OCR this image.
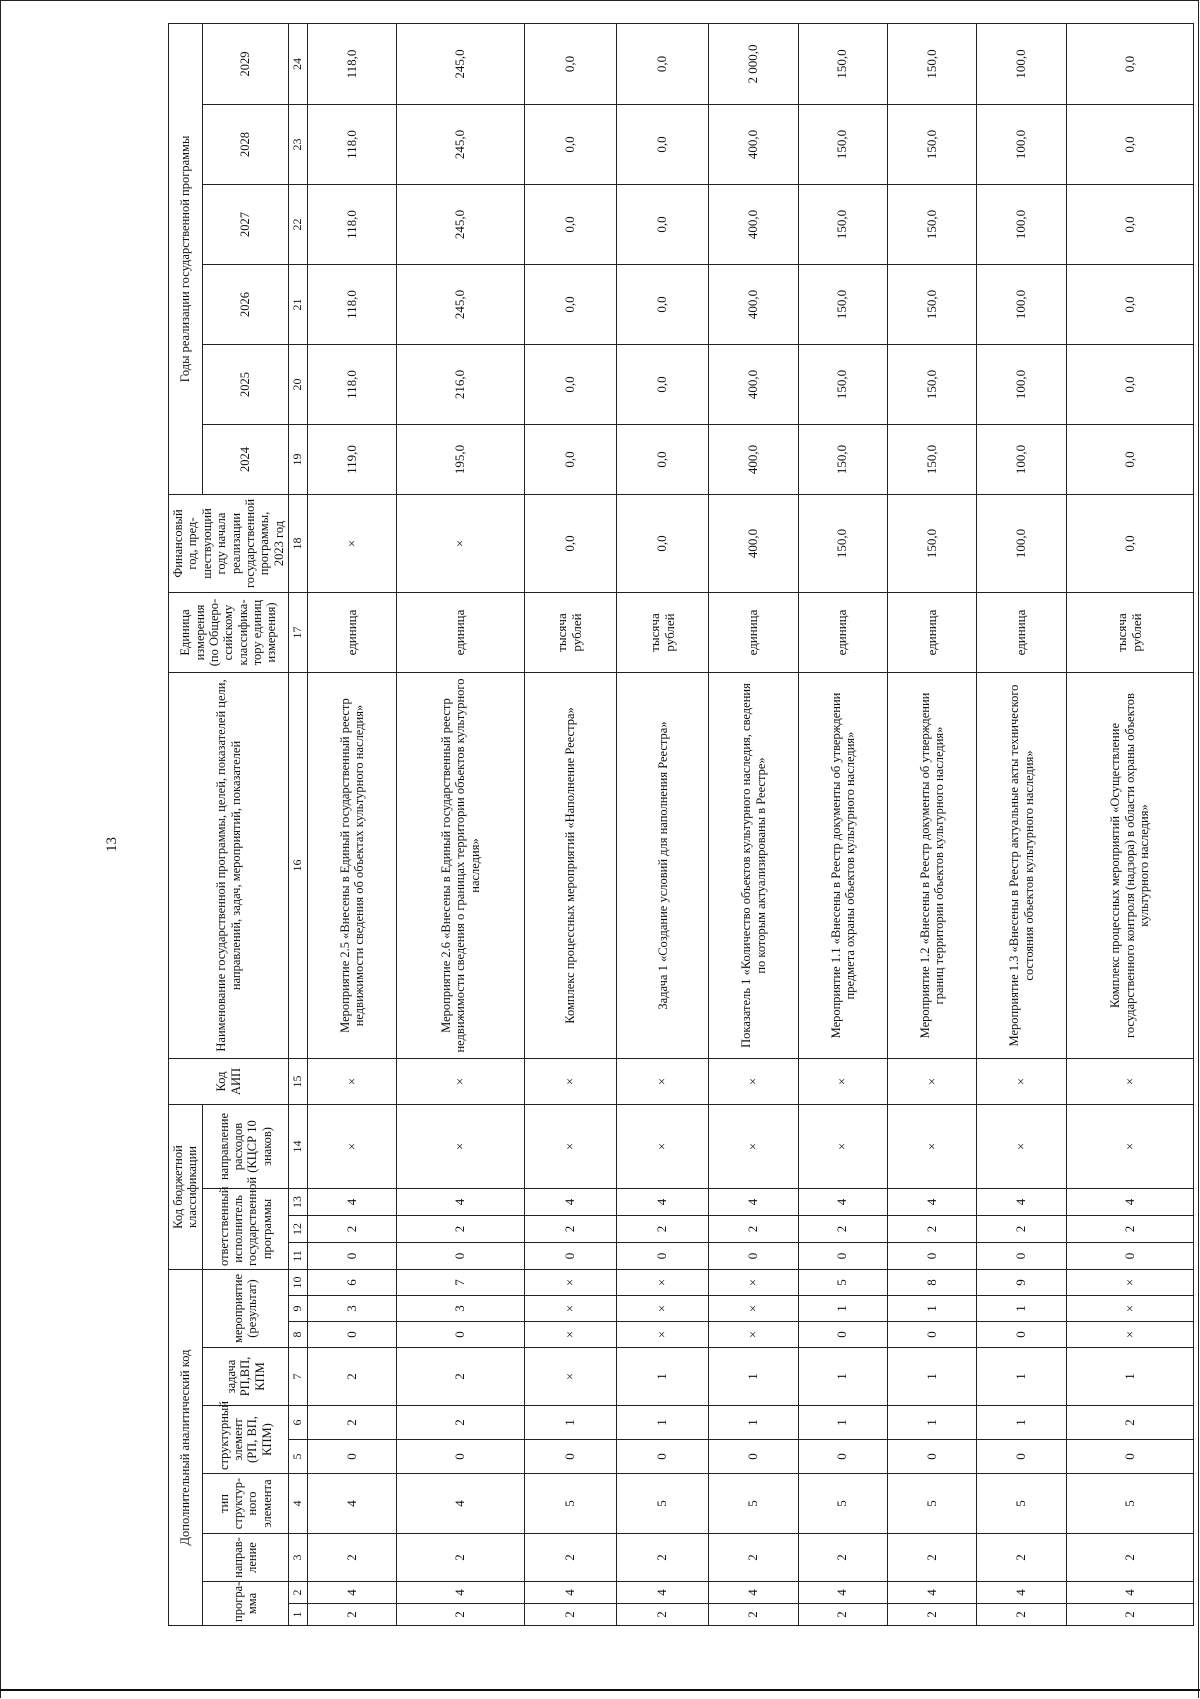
13
Дополнительный аналитический код										Код бюджетной классификации				Код АИП	Наименование государственной программы, целей, показателей цели, направлений, задач, мероприятий, показателей	Единица измерения (по Общеро-ссийскому классифика-тору единиц измерения)	Финансовый год, пред-шествующий году начала реализации государственной программы, 2023 год	Годы реализации государственной программы					
програ-мма		направ-ление	тип структур-ного элемента	структурный элемент (РП, ВП, КПМ)		задача РП,ВП, КПМ	мероприятие (результат)			ответственный исполнитель государственной программы			направление расходов (КЦСР 10 знаков)					2024	2025	2026	2027	2028	2029

1	2	3	4	5	6	7	8	9	10	11	12	13	14	15	16	17	18	19	20	21	22	23	24
2	4	2	4	0	2	2	0	3	6	0	2	4	×	×	Мероприятие 2.5 «Внесены в Единый государственный реестр недвижимости сведения об объектах культурного наследия»	единица	×	119,0	118,0	118,0	118,0	118,0	118,0
2	4	2	4	0	2	2	0	3	7	0	2	4	×	×	Мероприятие 2.6 «Внесены в Единый государственный реестр недвижимости сведения о границах территории объектов культурного наследия»	единица	×	195,0	216,0	245,0	245,0	245,0	245,0
2	4	2	5	0	1	×	×	×	×	0	2	4	×	×	Комплекс процессных мероприятий «Наполнение Реестра»	тысяча рублей	0,0	0,0	0,0	0,0	0,0	0,0	0,0
2	4	2	5	0	1	1	×	×	×	0	2	4	×	×	Задача 1 «Создание условий для наполнения Реестра»	тысяча рублей	0,0	0,0	0,0	0,0	0,0	0,0	0,0
2	4	2	5	0	1	1	×	×	×	0	2	4	×	×	Показатель 1 «Количество объектов культурного наследия, сведения по которым актуализированы в Реестре»	единица	400,0	400,0	400,0	400,0	400,0	400,0	2 000,0
2	4	2	5	0	1	1	0	1	5	0	2	4	×	×	Мероприятие 1.1 «Внесены в Реестр документы об утверждении предмета охраны объектов культурного наследия»	единица	150,0	150,0	150,0	150,0	150,0	150,0	150,0
2	4	2	5	0	1	1	0	1	8	0	2	4	×	×	Мероприятие 1.2 «Внесены в Реестр документы об утверждении границ территории объектов культурного наследия»	единица	150,0	150,0	150,0	150,0	150,0	150,0	150,0
2	4	2	5	0	1	1	0	1	9	0	2	4	×	×	Мероприятие 1.3 «Внесены в Реестр актуальные акты технического состояния объектов культурного наследия»	единица	100,0	100,0	100,0	100,0	100,0	100,0	100,0
2	4	2	5	0	2	1	×	×	×	0	2	4	×	×	Комплекс процессных мероприятий «Осуществление государственного контроля (надзора) в области охраны объектов культурного наследия»	тысяча рублей	0,0	0,0	0,0	0,0	0,0	0,0	0,0
